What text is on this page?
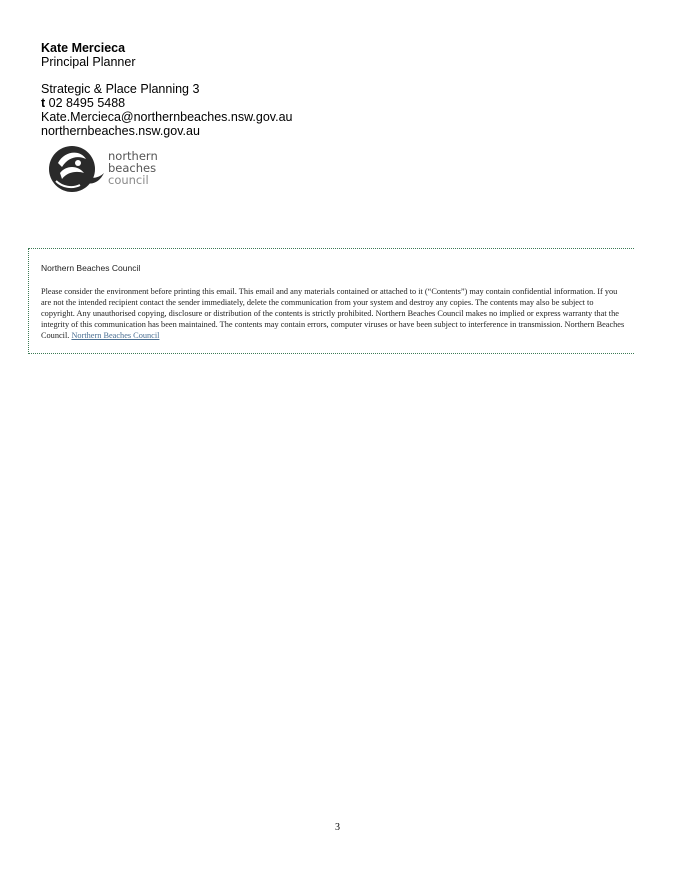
Kate Mercieca
Principal Planner
Strategic & Place Planning 3
t 02 8495 5488
Kate.Mercieca@northernbeaches.nsw.gov.au
northernbeaches.nsw.gov.au
northern
beaches
council
Northern Beaches Council
Please consider the environment before printing this email. This email and any materials contained or attached to it (“Contents”) may contain confidential information. If you are not the intended recipient contact the sender immediately, delete the communication from your system and destroy any copies. The contents may also be subject to copyright. Any unauthorised copying, disclosure or distribution of the contents is strictly prohibited. Northern Beaches Council makes no implied or express warranty that the integrity of this communication has been maintained. The contents may contain errors, computer viruses or have been subject to interference in transmission. Northern Beaches Council. Northern Beaches Council
3
